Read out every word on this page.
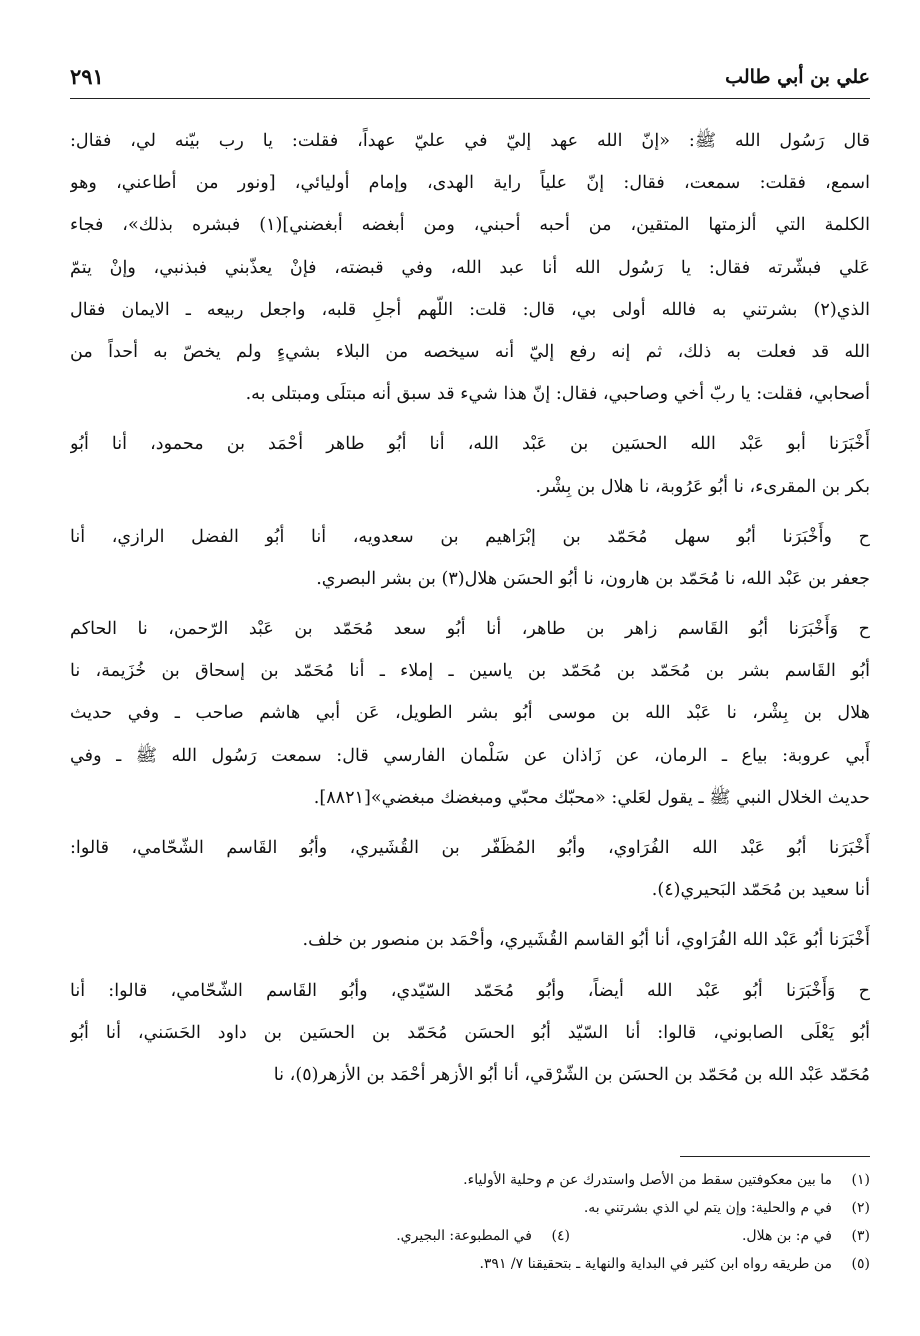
علي بن أبي طالب
٢٩١
قال رَسُول الله ﷺ: «إنّ الله عهد إليّ في عليّ عهداً، فقلت: يا رب بيّنه لي، فقال:
اسمع، فقلت: سمعت، فقال: إنّ علياً راية الهدى، وإمام أوليائي، [ونور من أطاعني، وهو
الكلمة التي ألزمتها المتقين، من أحبه أحبني، ومن أبغضه أبغضني](١) فبشره بذلك»، فجاء
عَلي فبشّرته فقال: يا رَسُول الله أنا عبد الله، وفي قبضته، فإنْ يعذّبني فبذنبي، وإنْ يتمّ
الذي(٢) بشرتني به فالله أولى بي، قال: قلت: اللّهم أجلِ قلبه، واجعل ربيعه ـ الايمان فقال
الله قد فعلت به ذلك، ثم إنه رفع إليّ أنه سيخصه من البلاء بشيءٍ ولم يخصّ به أحداً من
أصحابي، فقلت: يا ربّ أخي وصاحبي، فقال: إنّ هذا شيء قد سبق أنه مبتلَى ومبتلى به.
أَخْبَرَنا أبو عَبْد الله الحسَين بن عَبْد الله، أنا أبُو طاهر أحْمَد بن محمود، أنا أبُو
بكر بن المقرىء، نا أبُو عَرُوبة، نا هلال بن بِشْر.
ح وأَخْبَرَنا أبُو سهل مُحَمّد بن إبْرَاهيم بن سعدويه، أنا أبُو الفضل الرازي، أنا
جعفر بن عَبْد الله، نا مُحَمّد بن هارون، نا أبُو الحسَن هلال(٣) بن بشر البصري.
ح وَأَخْبَرَنا أبُو القَاسم زاهر بن طاهر، أنا أبُو سعد مُحَمّد بن عَبْد الرّحمن، نا الحاكم
أبُو القَاسم بشر بن مُحَمّد بن مُحَمّد بن ياسين ـ إملاء ـ أنا مُحَمّد بن إسحاق بن خُزَيمة، نا
هلال بن بِشْر، نا عَبْد الله بن موسى أبُو بشر الطويل، عَن أبي هاشم صاحب ـ وفي حديث
أَبي عروبة: بياع ـ الرمان، عن زَاذان عن سَلْمان الفارسي قال: سمعت رَسُول الله ﷺ ـ وفي
حديث الخلال النبي ﷺ ـ يقول لعَلي: «محبّك محبّي ومبغضك مبغضي»[٨٨٢١].
أَخْبَرَنا أبُو عَبْد الله الفُرَاوي، وأبُو المُظَفّر بن القُشَيري، وأبُو القَاسم الشّحّامي، قالوا:
أنا سعيد بن مُحَمّد البَحيري(٤).
أَخْبَرَنا أبُو عَبْد الله الفُرَاوي، أنا أبُو القاسم القُشَيري، وأحْمَد بن منصور بن خلف.
ح وَأَخْبَرَنا أبُو عَبْد الله أيضاً، وأبُو مُحَمّد السّيّدي، وأبُو القَاسم الشّحّامي، قالوا: أنا
أبُو يَعْلَى الصابوني، قالوا: أنا السّيّد أبُو الحسَن مُحَمّد بن الحسَين بن داود الحَسَني، أنا أبُو
مُحَمّد عَبْد الله بن مُحَمّد بن الحسَن بن الشّرْقي، أنا أبُو الأزهر أحْمَد بن الأزهر(٥)، نا
(١)ما بين معكوفتين سقط من الأصل واستدرك عن م وحلية الأولياء.
(٢)في م والحلية: وإن يتم لي الذي بشرتني به.
(٣)في م: بن هلال.
(٤)في المطبوعة: البجيري.
(٥)من طريقه رواه ابن كثير في البداية والنهاية ـ بتحقيقنا ٧/ ٣٩١.
